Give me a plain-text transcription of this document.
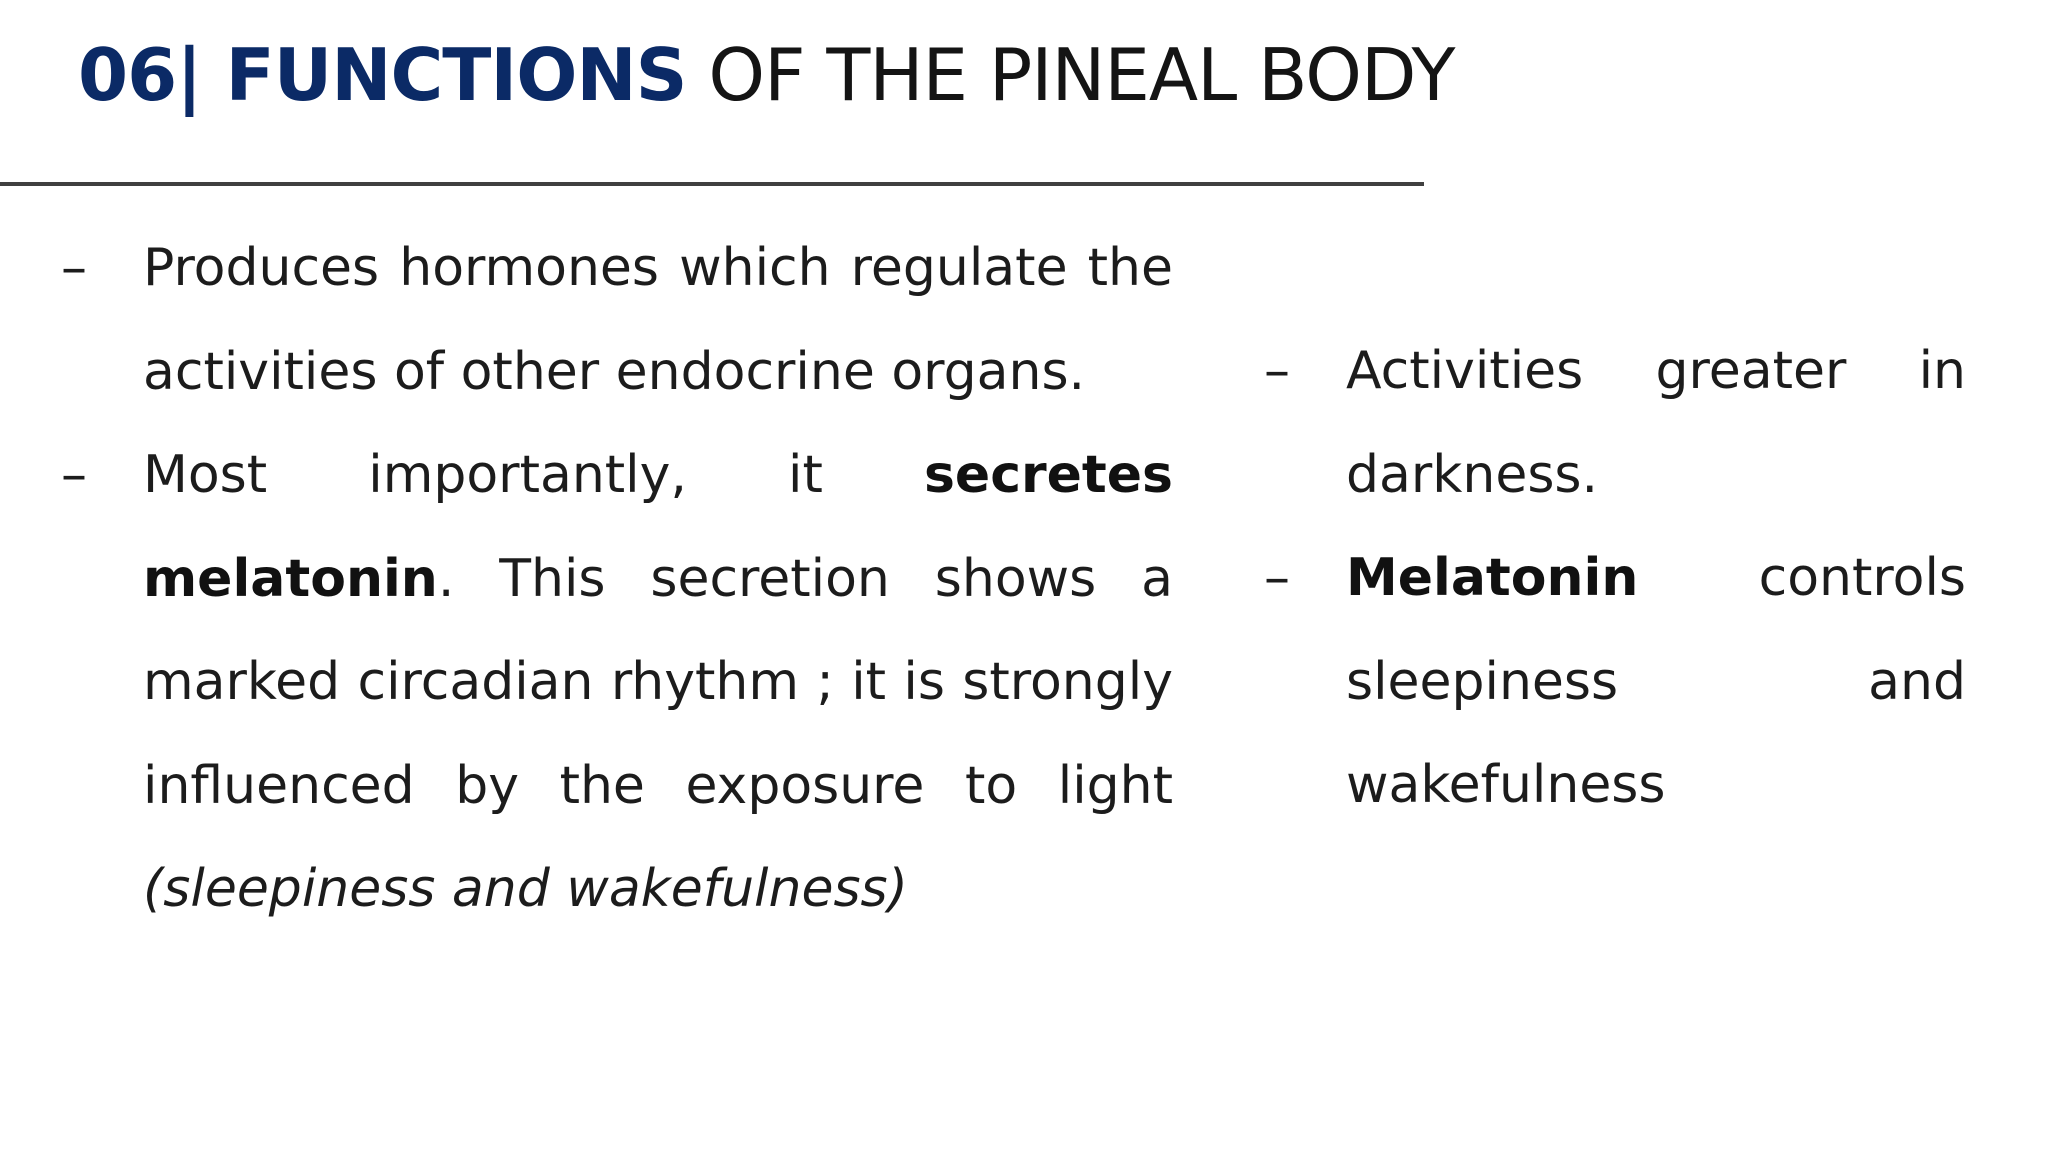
06| FUNCTIONS OF THE PINEAL BODY
– Produces hormones which regulate the activities of other endocrine organs.
– Most importantly, it secretes melatonin. This secretion shows a marked circadian rhythm ; it is strongly influenced by the exposure to light (sleepiness and wakefulness)
– Activities greater in darkness.
– Melatonin controls sleepiness and wakefulness
